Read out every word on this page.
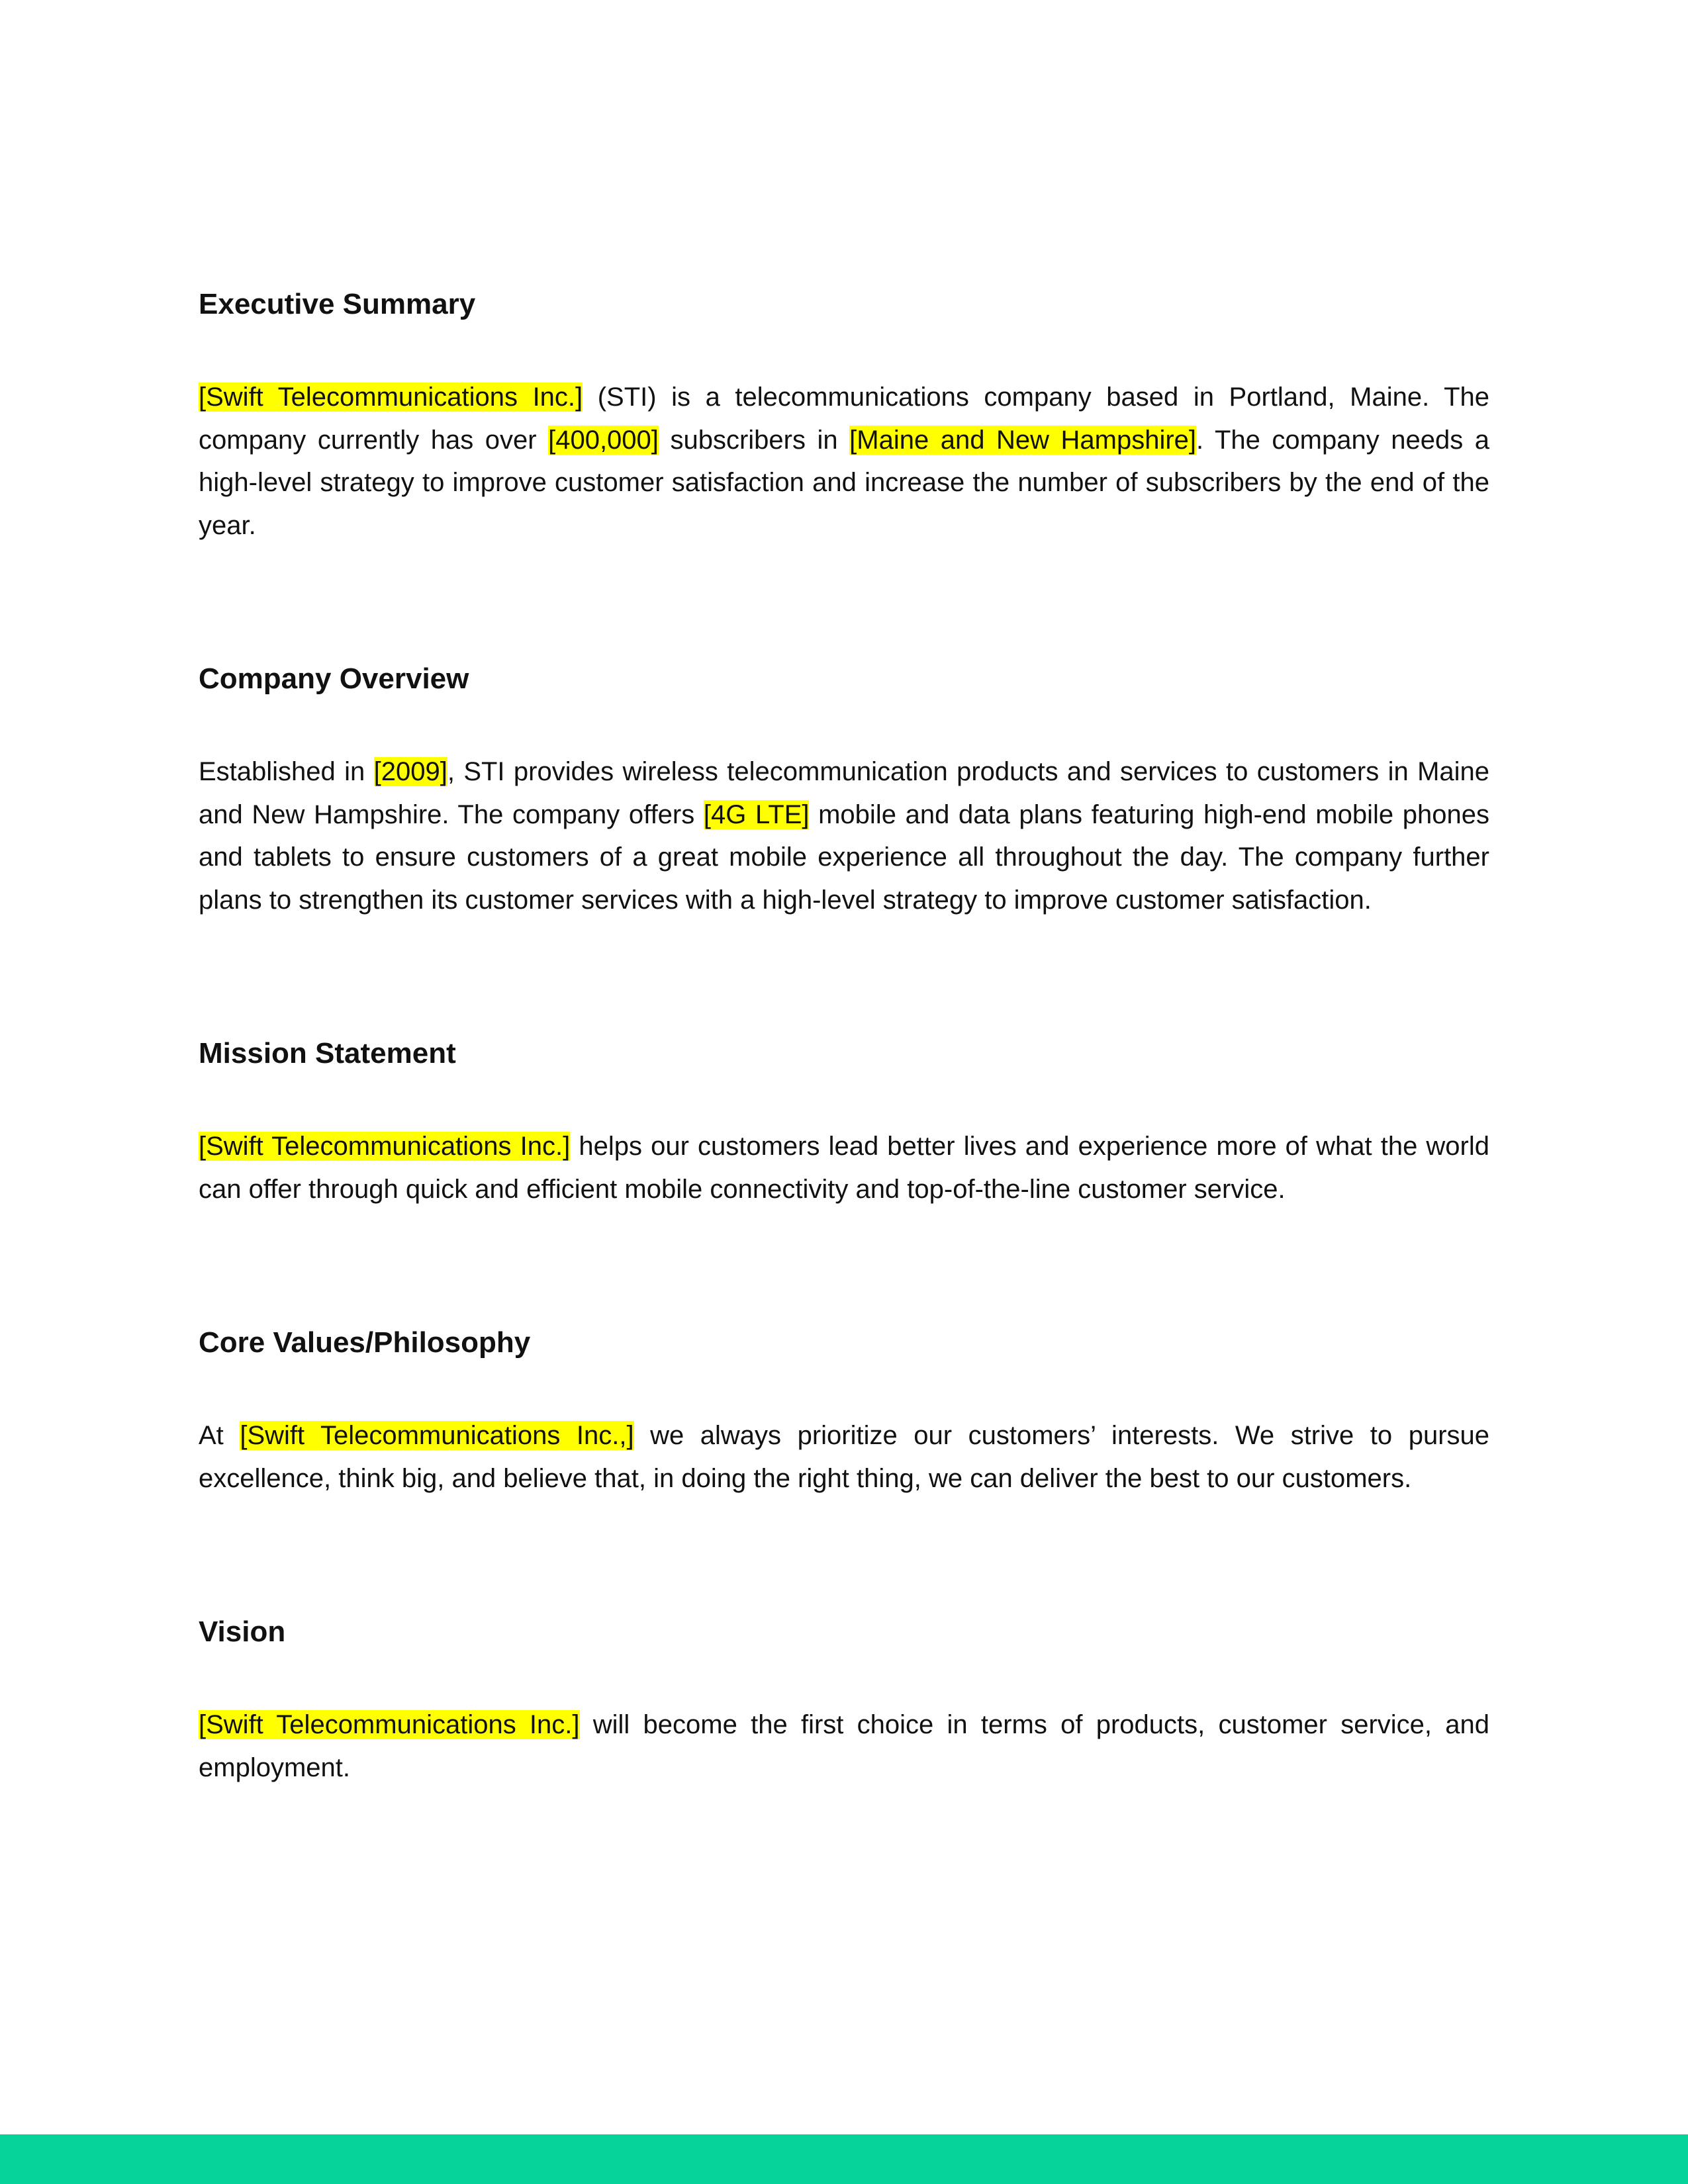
Executive Summary

[Swift Telecommunications Inc.] (STI) is a telecommunications company based in Portland, Maine. The company currently has over [400,000] subscribers in [Maine and New Hampshire]. The company needs a high-level strategy to improve customer satisfaction and increase the number of subscribers by the end of the year.

Company Overview

Established in [2009], STI provides wireless telecommunication products and services to customers in Maine and New Hampshire. The company offers [4G LTE] mobile and data plans featuring high-end mobile phones and tablets to ensure customers of a great mobile experience all throughout the day. The company further plans to strengthen its customer services with a high-level strategy to improve customer satisfaction.

Mission Statement

[Swift Telecommunications Inc.] helps our customers lead better lives and experience more of what the world can offer through quick and efficient mobile connectivity and top-of-the-line customer service.

Core Values/Philosophy

At [Swift Telecommunications Inc.,] we always prioritize our customers’ interests. We strive to pursue excellence, think big, and believe that, in doing the right thing, we can deliver the best to our customers.

Vision

[Swift Telecommunications Inc.] will become the first choice in terms of products, customer service, and employment.
